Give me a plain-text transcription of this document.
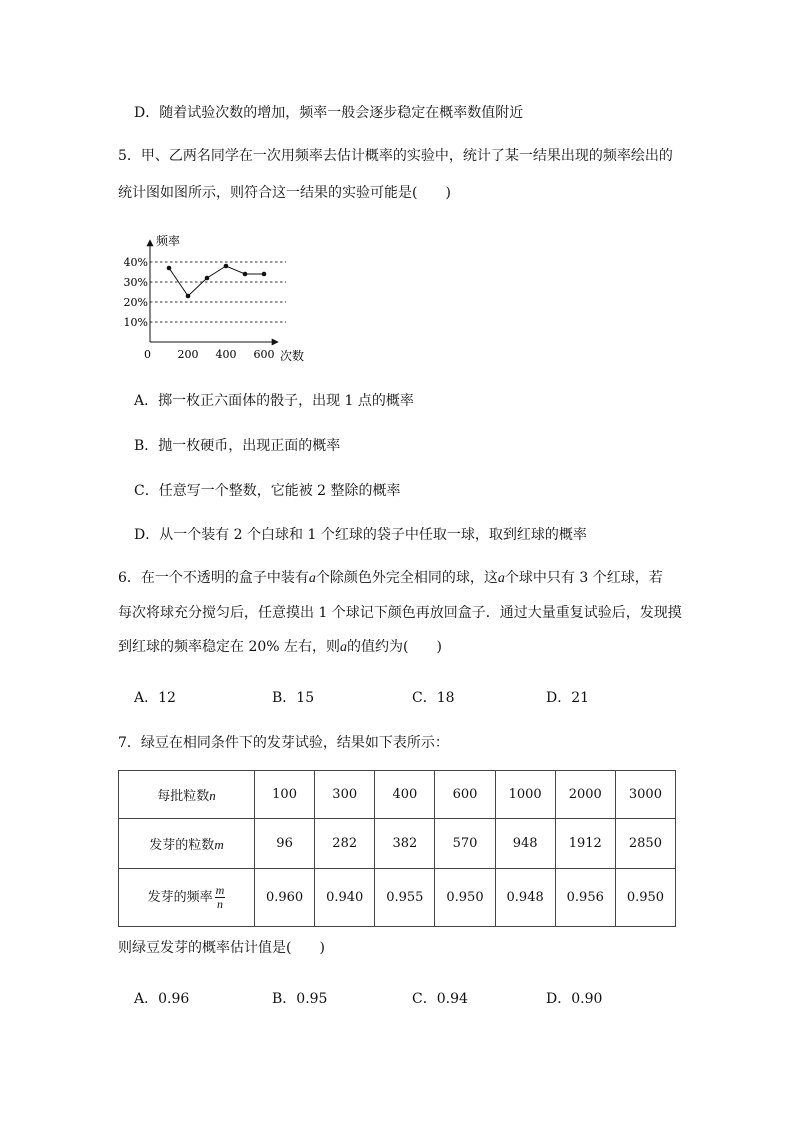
D．随着试验次数的增加，频率一般会逐步稳定在概率数值附近
5．甲、乙两名同学在一次用频率去估计概率的实验中，统计了某一结果出现的频率绘出的
统计图如图所示，则符合这一结果的实验可能是(　　)
频率
次数
0
10%
20%
30%
40%
200 400 600
A．掷一枚正六面体的骰子，出现 1 点的概率
B．抛一枚硬币，出现正面的概率
C．任意写一个整数，它能被 2 整除的概率
D．从一个装有 2 个白球和 1 个红球的袋子中任取一球，取到红球的概率
6．在一个不透明的盒子中装有a个除颜色外完全相同的球，这a个球中只有 3 个红球，若
每次将球充分搅匀后，任意摸出 1 个球记下颜色再放回盒子．通过大量重复试验后，发现摸
到红球的频率稳定在 20% 左右，则a的值约为(　　)
A．12	B．15	C．18	D．21
7．绿豆在相同条件下的发芽试验，结果如下表所示：
每批粒数n	100	300	400	600	1000	2000	3000
发芽的粒数m	96	282	382	570	948	1912	2850
发芽的频率 $\frac{m}{n}$	0.960	0.940	0.955	0.950	0.948	0.956	0.950
则绿豆发芽的概率估计值是(　　)
A．0.96	B．0.95	C．0.94	D．0.90
